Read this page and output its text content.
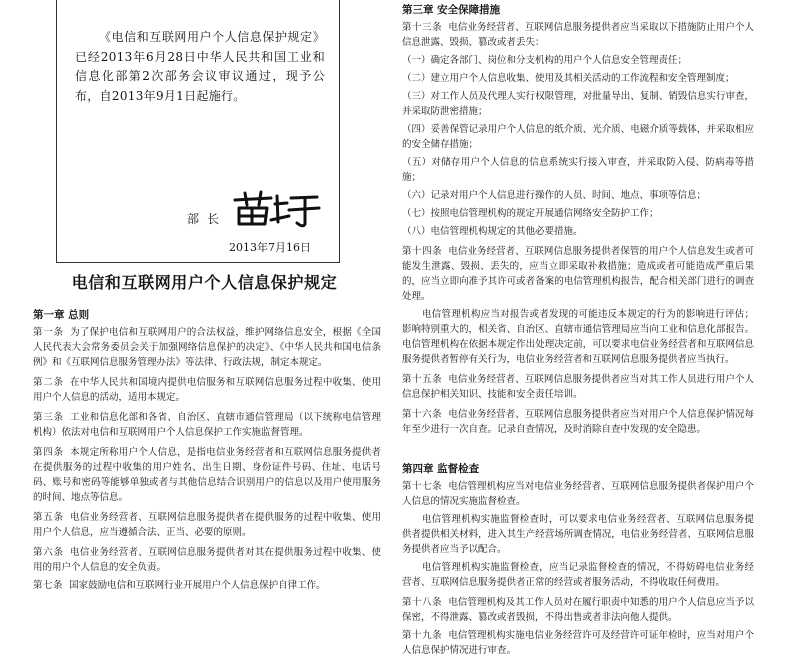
《电信和互联网用户个人信息保护规定》已经2013年6月28日中华人民共和国工业和信息化部第2次部务会议审议通过，现予公布，自2013年9月1日起施行。

部长
2013年7月16日
电信和互联网用户个人信息保护规定

第一章 总则

第一条 为了保护电信和互联网用户的合法权益，维护网络信息安全，根据《全国人民代表大会常务委员会关于加强网络信息保护的决定》、《中华人民共和国电信条例》和《互联网信息服务管理办法》等法律、行政法规，制定本规定。

第二条 在中华人民共和国境内提供电信服务和互联网信息服务过程中收集、使用用户个人信息的活动，适用本规定。

第三条 工业和信息化部和各省、自治区、直辖市通信管理局（以下统称电信管理机构）依法对电信和互联网用户个人信息保护工作实施监督管理。

第四条 本规定所称用户个人信息，是指电信业务经营者和互联网信息服务提供者在提供服务的过程中收集的用户姓名、出生日期、身份证件号码、住址、电话号码、账号和密码等能够单独或者与其他信息结合识别用户的信息以及用户使用服务的时间、地点等信息。

第五条 电信业务经营者、互联网信息服务提供者在提供服务的过程中收集、使用用户个人信息，应当遵循合法、正当、必要的原则。

第六条 电信业务经营者、互联网信息服务提供者对其在提供服务过程中收集、使用的用户个人信息的安全负责。

第七条 国家鼓励电信和互联网行业开展用户个人信息保护自律工作。

第三章 安全保障措施

第十三条 电信业务经营者、互联网信息服务提供者应当采取以下措施防止用户个人信息泄露、毁损、篡改或者丢失：

（一）确定各部门、岗位和分支机构的用户个人信息安全管理责任；

（二）建立用户个人信息收集、使用及其相关活动的工作流程和安全管理制度；

（三）对工作人员及代理人实行权限管理，对批量导出、复制、销毁信息实行审查，并采取防泄密措施；

（四）妥善保管记录用户个人信息的纸介质、光介质、电磁介质等载体，并采取相应的安全储存措施；

（五）对储存用户个人信息的信息系统实行接入审查，并采取防入侵、防病毒等措施；

（六）记录对用户个人信息进行操作的人员、时间、地点、事项等信息；

（七）按照电信管理机构的规定开展通信网络安全防护工作；

（八）电信管理机构规定的其他必要措施。

第十四条 电信业务经营者、互联网信息服务提供者保管的用户个人信息发生或者可能发生泄露、毁损、丢失的，应当立即采取补救措施；造成或者可能造成严重后果的，应当立即向准予其许可或者备案的电信管理机构报告，配合相关部门进行的调查处理。

电信管理机构应当对报告或者发现的可能违反本规定的行为的影响进行评估；影响特别重大的，相关省、自治区、直辖市通信管理局应当向工业和信息化部报告。电信管理机构在依据本规定作出处理决定前，可以要求电信业务经营者和互联网信息服务提供者暂停有关行为，电信业务经营者和互联网信息服务提供者应当执行。

第十五条 电信业务经营者、互联网信息服务提供者应当对其工作人员进行用户个人信息保护相关知识、技能和安全责任培训。

第十六条 电信业务经营者、互联网信息服务提供者应当对用户个人信息保护情况每年至少进行一次自查。记录自查情况，及时消除自查中发现的安全隐患。

第四章 监督检查

第十七条 电信管理机构应当对电信业务经营者、互联网信息服务提供者保护用户个人信息的情况实施监督检查。

电信管理机构实施监督检查时，可以要求电信业务经营者、互联网信息服务提供者提供相关材料，进入其生产经营场所调查情况，电信业务经营者、互联网信息服务提供者应当予以配合。

电信管理机构实施监督检查，应当记录监督检查的情况，不得妨碍电信业务经营者、互联网信息服务提供者正常的经营或者服务活动，不得收取任何费用。

第十八条 电信管理机构及其工作人员对在履行职责中知悉的用户个人信息应当予以保密，不得泄露、篡改或者毁损，不得出售或者非法向他人提供。

第十九条 电信管理机构实施电信业务经营许可及经营许可证年检时，应当对用户个人信息保护情况进行审查。
